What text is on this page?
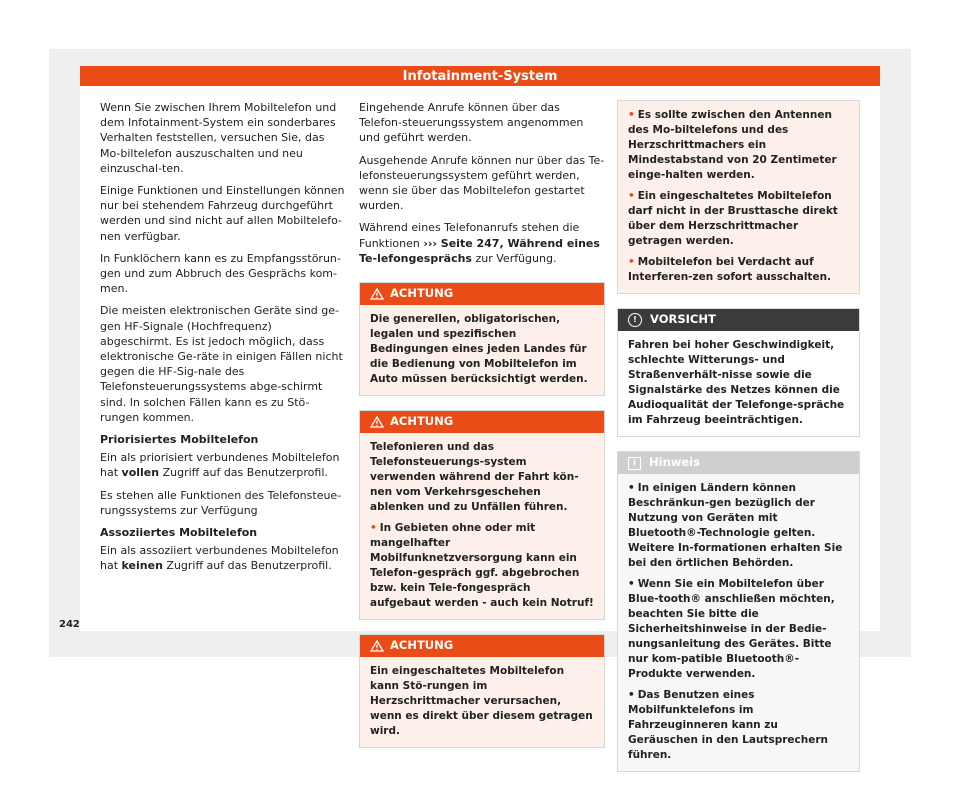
Infotainment-System

Wenn Sie zwischen Ihrem Mobiltelefon und dem Infotainment-System ein sonderbares Verhalten feststellen, versuchen Sie, das Mo-biltelefon auszuschalten und neu einzuschal-ten.

Einige Funktionen und Einstellungen können nur bei stehendem Fahrzeug durchgeführt werden und sind nicht auf allen Mobiltelefo-nen verfügbar.

In Funklöchern kann es zu Empfangsstörun-gen und zum Abbruch des Gesprächs kom-men.

Die meisten elektronischen Geräte sind ge-gen HF-Signale (Hochfrequenz) abgeschirmt. Es ist jedoch möglich, dass elektronische Ge-räte in einigen Fällen nicht gegen die HF-Sig-nale des Telefonsteuerungssystems abge-schirmt sind. In solchen Fällen kann es zu Stö-rungen kommen.

Priorisiertes Mobiltelefon

Ein als priorisiert verbundenes Mobiltelefon hat vollen Zugriff auf das Benutzerprofil.

Es stehen alle Funktionen des Telefonsteue-rungssystems zur Verfügung

Assoziiertes Mobiltelefon

Ein als assoziiert verbundenes Mobiltelefon hat keinen Zugriff auf das Benutzerprofil.

Eingehende Anrufe können über das Telefon-steuerungssystem angenommen und geführt werden.

Ausgehende Anrufe können nur über das Te-lefonsteuerungssystem geführt werden, wenn sie über das Mobiltelefon gestartet wurden.

Während eines Telefonanrufs stehen die Funktionen ››› Seite 247, Während eines Te-lefongesprächs zur Verfügung.

ACHTUNG

Die generellen, obligatorischen, legalen und spezifischen Bedingungen eines jeden Landes für die Bedienung von Mobiltelefon im Auto müssen berücksichtigt werden.

ACHTUNG

Telefonieren und das Telefonsteuerungs-system verwenden während der Fahrt kön-nen vom Verkehrsgeschehen ablenken und zu Unfällen führen.

• In Gebieten ohne oder mit mangelhafter Mobilfunknetzversorgung kann ein Telefon-gespräch ggf. abgebrochen bzw. kein Tele-fongespräch aufgebaut werden - auch kein Notruf!

ACHTUNG

Ein eingeschaltetes Mobiltelefon kann Stö-rungen im Herzschrittmacher verursachen, wenn es direkt über diesem getragen wird.

• Es sollte zwischen den Antennen des Mo-biltelefons und des Herzschrittmachers ein Mindestabstand von 20 Zentimeter einge-halten werden.

• Ein eingeschaltetes Mobiltelefon darf nicht in der Brusttasche direkt über dem Herzschrittmacher getragen werden.

• Mobiltelefon bei Verdacht auf Interferen-zen sofort ausschalten.

!	VORSICHT

Fahren bei hoher Geschwindigkeit, schlechte Witterungs- und Straßenverhält-nisse sowie die Signalstärke des Netzes können die Audioqualität der Telefonge-spräche im Fahrzeug beeinträchtigen.

i	Hinweis

• In einigen Ländern können Beschränkun-gen bezüglich der Nutzung von Geräten mit Bluetooth®-Technologie gelten. Weitere In-formationen erhalten Sie bei den örtlichen Behörden.

• Wenn Sie ein Mobiltelefon über Blue-tooth® anschließen möchten, beachten Sie bitte die Sicherheitshinweise in der Bedie-nungsanleitung des Gerätes. Bitte nur kom-patible Bluetooth®-Produkte verwenden.

• Das Benutzen eines Mobilfunktelefons im Fahrzeuginneren kann zu Geräuschen in den Lautsprechern führen.

242
